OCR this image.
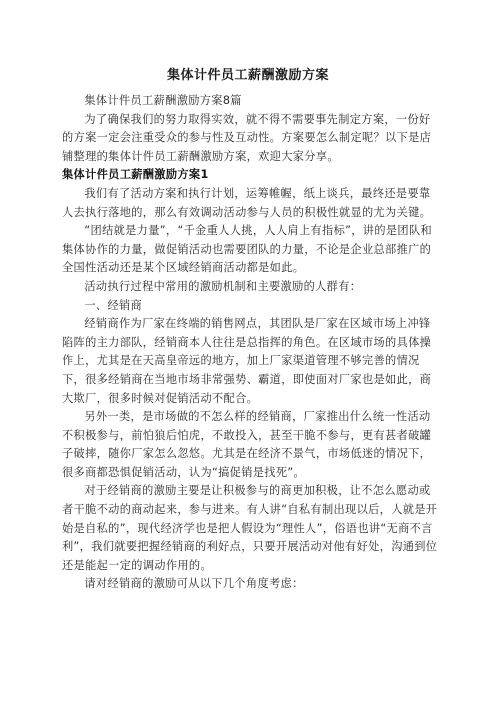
集体计件员工薪酬激励方案

集体计件员工薪酬激励方案8篇

为了确保我们的努力取得实效，就不得不需要事先制定方案，一份好的方案一定会注重受众的参与性及互动性。方案要怎么制定呢？以下是店铺整理的集体计件员工薪酬激励方案，欢迎大家分享。

集体计件员工薪酬激励方案1

我们有了活动方案和执行计划，运筹帷幄，纸上谈兵，最终还是要靠人去执行落地的，那么有效调动活动参与人员的积极性就显的尤为关键。

“团结就是力量”，“千金重人人挑，人人肩上有指标”，讲的是团队和集体协作的力量，做促销活动也需要团队的力量，不论是企业总部推广的全国性活动还是某个区域经销商活动都是如此。

活动执行过程中常用的激励机制和主要激励的人群有：

一、经销商

经销商作为厂家在终端的销售网点，其团队是厂家在区域市场上冲锋陷阵的主力部队，经销商本人往往是总指挥的角色。在区域市场的具体操作上，尤其是在天高皇帝远的地方，加上厂家渠道管理不够完善的情况下，很多经销商在当地市场非常强势、霸道，即使面对厂家也是如此，商大欺厂，很多时候对促销活动不配合。

另外一类，是市场做的不怎么样的经销商，厂家推出什么统一性活动不积极参与，前怕狼后怕虎，不敢投入，甚至干脆不参与，更有甚者破罐子破摔，随你厂家怎么忽悠。尤其是在经济不景气，市场低迷的情况下，很多商都恐惧促销活动，认为“搞促销是找死”。

对于经销商的激励主要是让积极参与的商更加积极，让不怎么愿动或者干脆不动的商动起来，参与进来。有人讲“自私有制出现以后，人就是开始是自私的”，现代经济学也是把人假设为“理性人”，俗语也讲“无商不言利”，我们就要把握经销商的利好点，只要开展活动对他有好处，沟通到位还是能起一定的调动作用的。

请对经销商的激励可从以下几个角度考虑：
